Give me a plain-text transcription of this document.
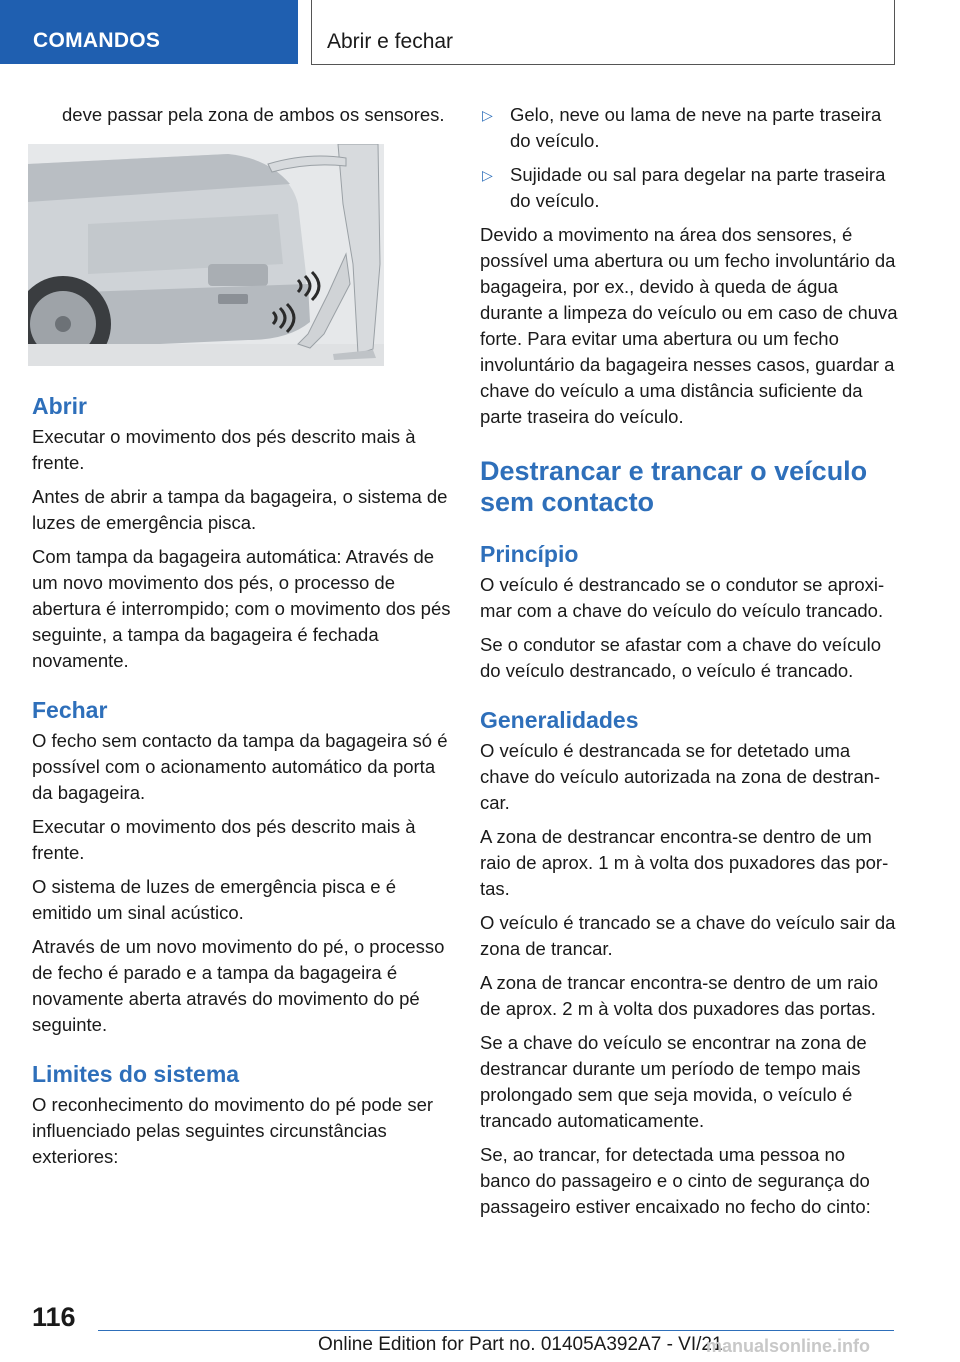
COMANDOS	Abrir e fechar

deve passar pela zona de ambos os sensores.

Abrir

Executar o movimento dos pés descrito mais à frente.

Antes de abrir a tampa da bagageira, o sistema de luzes de emergência pisca.

Com tampa da bagageira automática: Através de um novo movimento dos pés, o processo de abertura é interrompido; com o movimento dos pés seguinte, a tampa da bagageira é fechada novamente.

Fechar

O fecho sem contacto da tampa da bagageira só é possível com o acionamento automático da porta da bagageira.

Executar o movimento dos pés descrito mais à frente.

O sistema de luzes de emergência pisca e é emitido um sinal acústico.

Através de um novo movimento do pé, o processo de fecho é parado e a tampa da bagageira é novamente aberta através do movimento do pé seguinte.

Limites do sistema

O reconhecimento do movimento do pé pode ser influenciado pelas seguintes circunstâncias exteriores:

▷ Gelo, neve ou lama de neve na parte traseira do veículo.
▷ Sujidade ou sal para degelar na parte traseira do veículo.

Devido a movimento na área dos sensores, é possível uma abertura ou um fecho involuntário da bagageira, por ex., devido à queda de água durante a limpeza do veículo ou em caso de chuva forte. Para evitar uma abertura ou um fecho involuntário da bagageira nesses casos, guardar a chave do veículo a uma distância suficiente da parte traseira do veículo.

Destrancar e trancar o veículo sem contacto
Princípio

O veículo é destrancado se o condutor se aproximar com a chave do veículo do veículo trancado.

Se o condutor se afastar com a chave do veículo do veículo destrancado, o veículo é trancado.

Generalidades

O veículo é destrancada se for detetado uma chave do veículo autorizada na zona de destrancar.

A zona de destrancar encontra-se dentro de um raio de aprox. 1 m à volta dos puxadores das portas.

O veículo é trancado se a chave do veículo sair da zona de trancar.

A zona de trancar encontra-se dentro de um raio de aprox. 2 m à volta dos puxadores das portas.

Se a chave do veículo se encontrar na zona de destrancar durante um período de tempo mais prolongado sem que seja movida, o veículo é trancado automaticamente.

Se, ao trancar, for detectada uma pessoa no banco do passageiro e o cinto de segurança do passageiro estiver encaixado no fecho do cinto:

116
Online Edition for Part no. 01405A392A7 - VI/21
manualsonline.info
